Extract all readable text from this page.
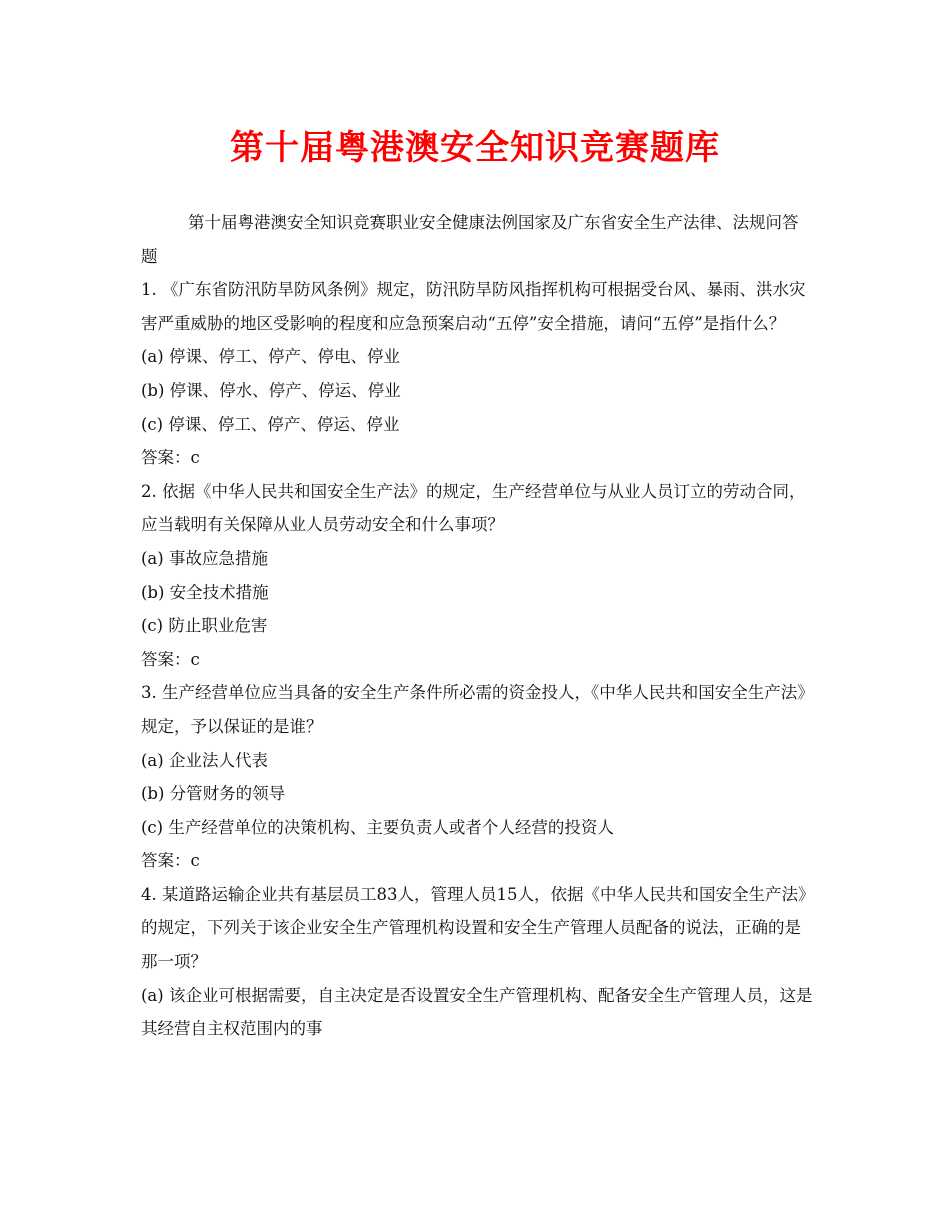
第十届粤港澳安全知识竞赛题库

第十届粤港澳安全知识竞赛职业安全健康法例国家及广东省安全生产法律、法规问答题

1. 《广东省防汛防旱防风条例》规定，防汛防旱防风指挥机构可根据受台风、暴雨、洪水灾害严重威胁的地区受影响的程度和应急预案启动“五停”安全措施，请问“五停”是指什么？

(a) 停课、停工、停产、停电、停业

(b) 停课、停水、停产、停运、停业

(c) 停课、停工、停产、停运、停业

答案：c

2. 依据《中华人民共和国安全生产法》的规定，生产经营单位与从业人员订立的劳动合同，应当载明有关保障从业人员劳动安全和什么事项？

(a) 事故应急措施

(b) 安全技术措施

(c) 防止职业危害

答案：c

3. 生产经营单位应当具备的安全生产条件所必需的资金投人，《中华人民共和国安全生产法》规定，予以保证的是谁？

(a) 企业法人代表

(b) 分管财务的领导

(c) 生产经营单位的决策机构、主要负责人或者个人经营的投资人

答案：c

4. 某道路运输企业共有基层员工83人，管理人员15人，依据《中华人民共和国安全生产法》的规定，下列关于该企业安全生产管理机构设置和安全生产管理人员配备的说法，正确的是那一项？

(a) 该企业可根据需要，自主决定是否设置安全生产管理机构、配备安全生产管理人员，这是其经营自主权范围内的事
